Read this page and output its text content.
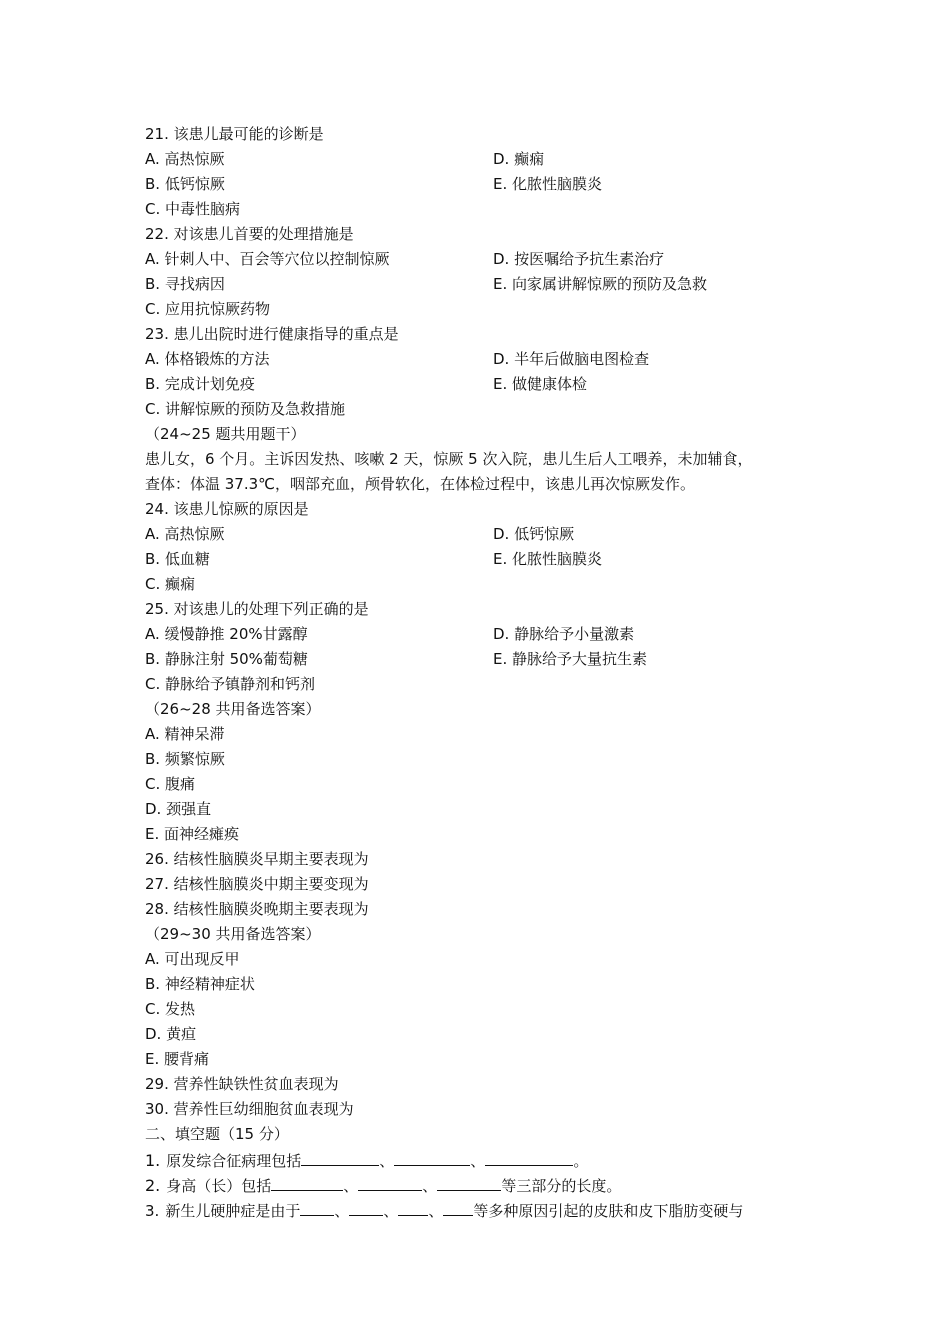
21. 该患儿最可能的诊断是
A. 高热惊厥	D. 癫痫
B. 低钙惊厥	E. 化脓性脑膜炎
C. 中毒性脑病
22. 对该患儿首要的处理措施是
A. 针刺人中、百会等穴位以控制惊厥	D. 按医嘱给予抗生素治疗
B. 寻找病因	E. 向家属讲解惊厥的预防及急救
C. 应用抗惊厥药物
23. 患儿出院时进行健康指导的重点是
A. 体格锻炼的方法	D. 半年后做脑电图检查
B. 完成计划免疫	E. 做健康体检
C. 讲解惊厥的预防及急救措施
（24~25 题共用题干）
患儿女，6 个月。主诉因发热、咳嗽 2 天，惊厥 5 次入院，患儿生后人工喂养，未加辅食，
查体：体温 37.3℃，咽部充血，颅骨软化，在体检过程中，该患儿再次惊厥发作。
24. 该患儿惊厥的原因是
A. 高热惊厥	D. 低钙惊厥
B. 低血糖	E. 化脓性脑膜炎
C. 癫痫
25. 对该患儿的处理下列正确的是
A. 缓慢静推 20%甘露醇	D. 静脉给予小量激素
B. 静脉注射 50%葡萄糖	E. 静脉给予大量抗生素
C. 静脉给予镇静剂和钙剂
（26~28 共用备选答案）
A. 精神呆滞
B. 频繁惊厥
C. 腹痛
D. 颈强直
E. 面神经瘫痪
26. 结核性脑膜炎早期主要表现为
27. 结核性脑膜炎中期主要变现为
28. 结核性脑膜炎晚期主要表现为
（29~30 共用备选答案）
A. 可出现反甲
B. 神经精神症状
C. 发热
D. 黄疸
E. 腰背痛
29. 营养性缺铁性贫血表现为
30. 营养性巨幼细胞贫血表现为
二、填空题（15 分）
1. 原发综合征病理包括	、	、	。
2. 身高（长）包括	、	、	等三部分的长度。
3. 新生儿硬肿症是由于 、 、 、 等多种原因引起的皮肤和皮下脂肪变硬与
